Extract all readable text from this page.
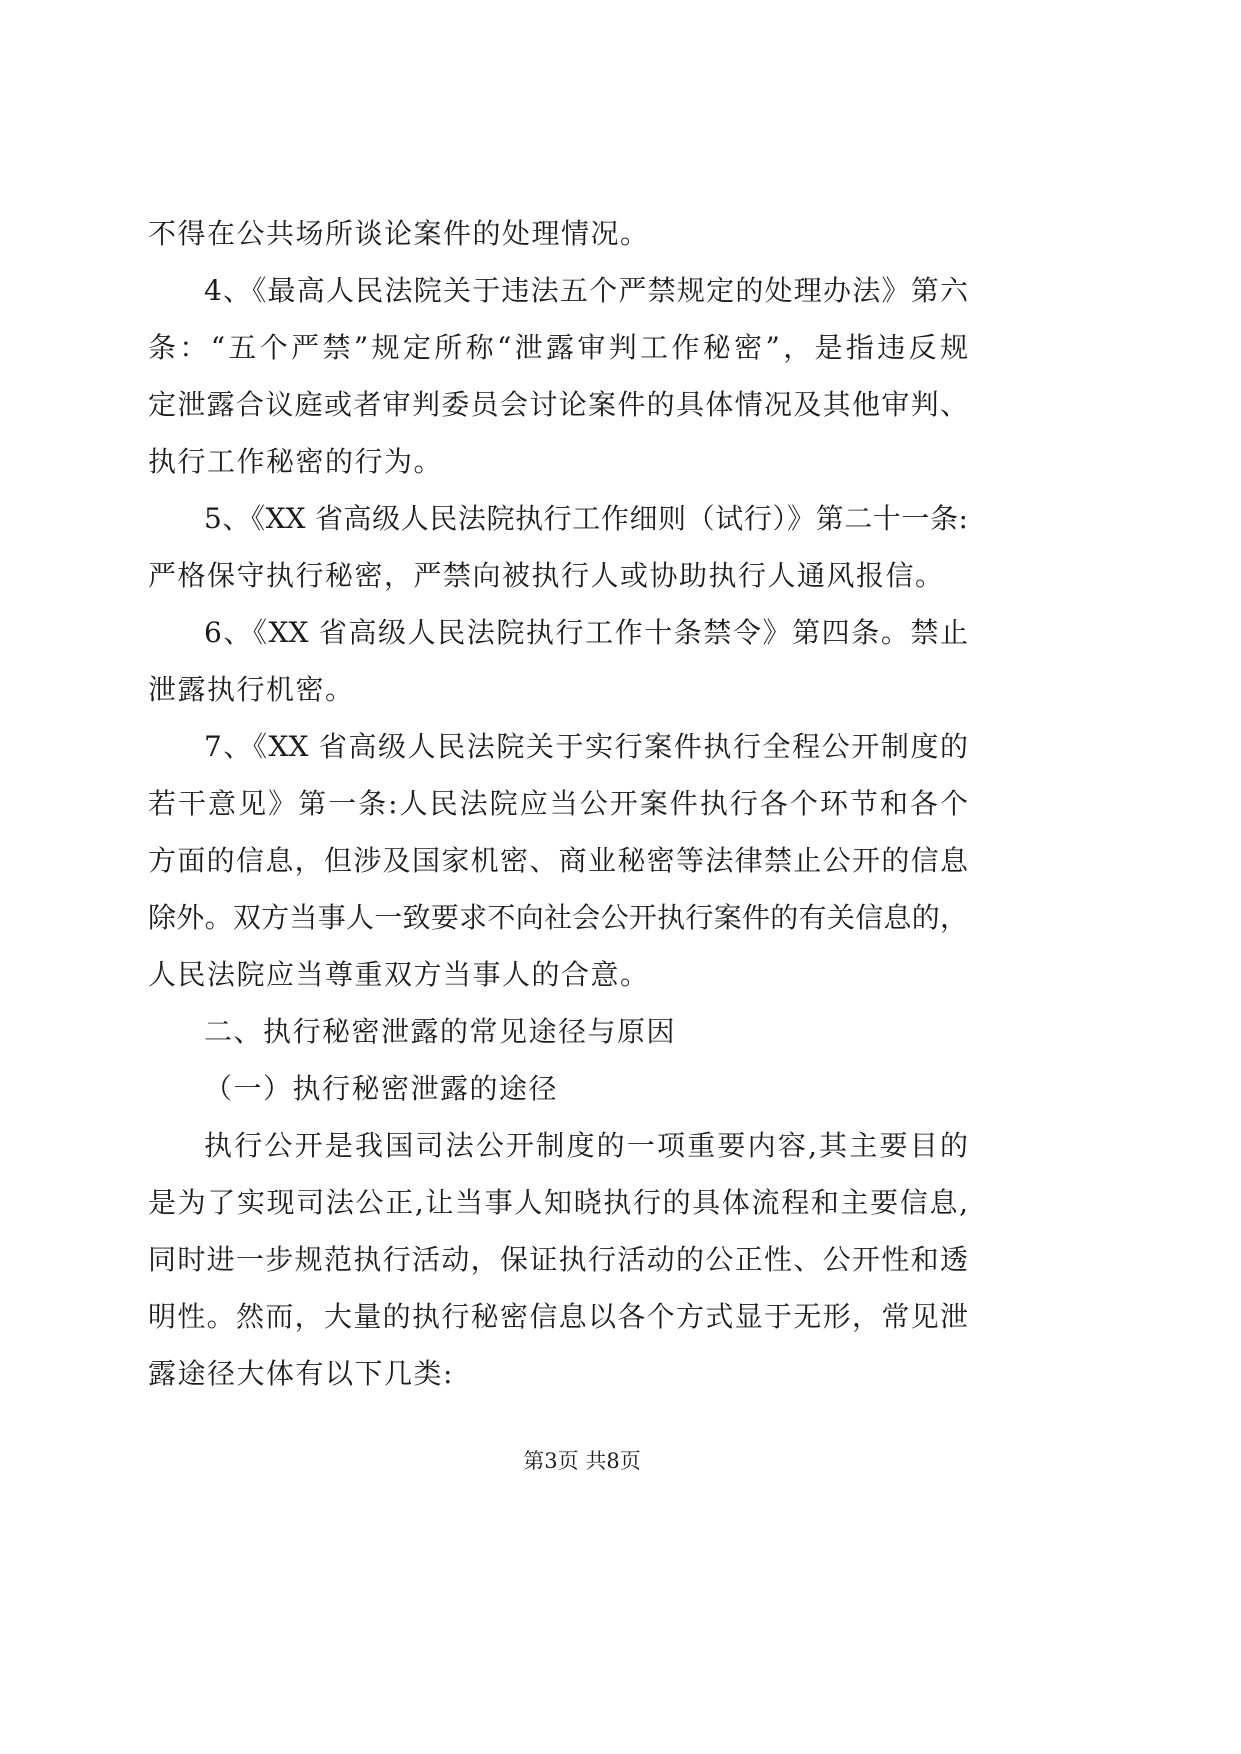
不得在公共场所谈论案件的处理情况。
4、《最高人民法院关于违法五个严禁规定的处理办法》第六
条：“五个严禁”规定所称“泄露审判工作秘密”，是指违反规
定泄露合议庭或者审判委员会讨论案件的具体情况及其他审判、
执行工作秘密的行为。
5、《XX 省高级人民法院执行工作细则（试行）》第二十一条:
严格保守执行秘密，严禁向被执行人或协助执行人通风报信。
6、《XX 省高级人民法院执行工作十条禁令》第四条。禁止
泄露执行机密。
7、《XX 省高级人民法院关于实行案件执行全程公开制度的
若干意见》第一条:人民法院应当公开案件执行各个环节和各个
方面的信息，但涉及国家机密、商业秘密等法律禁止公开的信息
除外。双方当事人一致要求不向社会公开执行案件的有关信息的，
人民法院应当尊重双方当事人的合意。
二、执行秘密泄露的常见途径与原因
（一）执行秘密泄露的途径
执行公开是我国司法公开制度的一项重要内容,其主要目的
是为了实现司法公正,让当事人知晓执行的具体流程和主要信息,
同时进一步规范执行活动，保证执行活动的公正性、公开性和透
明性。然而，大量的执行秘密信息以各个方式显于无形，常见泄
露途径大体有以下几类:
第3页 共8页
